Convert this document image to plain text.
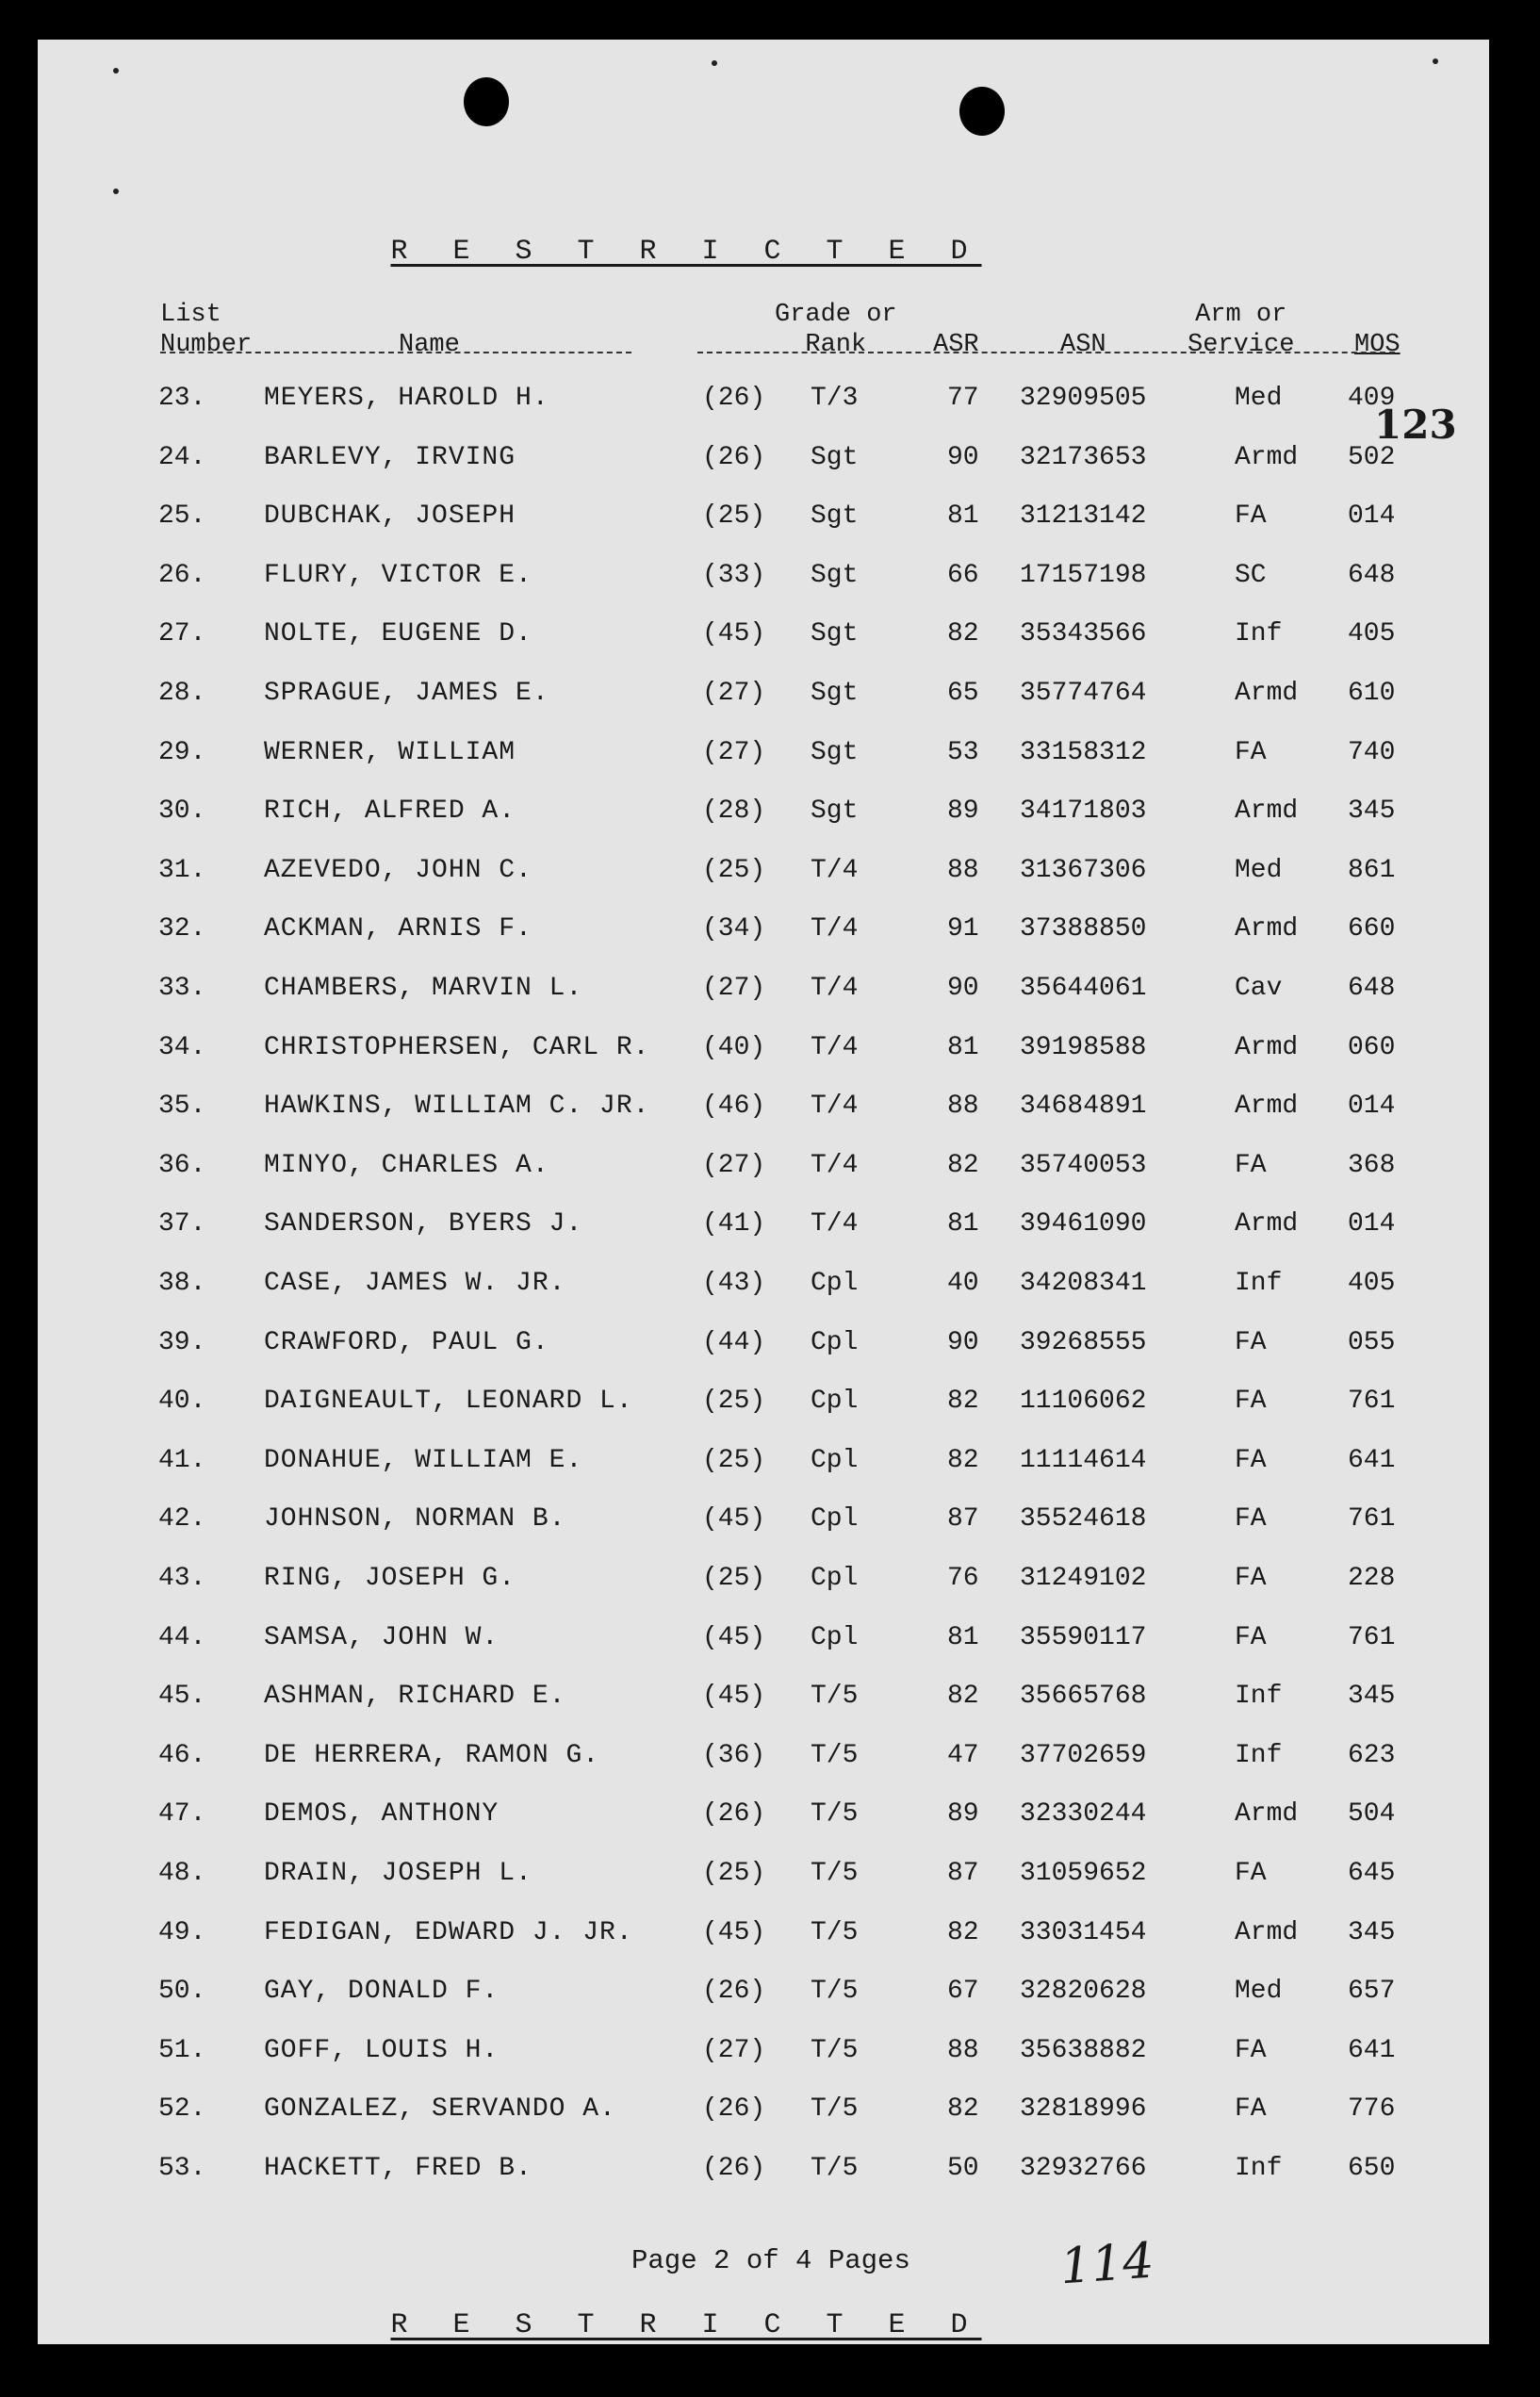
R E S T R I C T E D
List
Number	Name
Grade or
Rank	ASR	ASN
Arm or
Service MOS
123
23. MEYERS, HAROLD H.	(26) T/3	77 32909505	Med 409
24. BARLEVY, IRVING	(26) Sgt	90 32173653	Armd 502
25. DUBCHAK, JOSEPH	(25) Sgt	81 31213142	FA	014
26. FLURY, VICTOR E.	(33) Sgt	66 17157198	SC	648
27. NOLTE, EUGENE D.	(45) Sgt	82 35343566	Inf 405
28. SPRAGUE, JAMES E.	(27) Sgt	65 35774764	Armd 610
29. WERNER, WILLIAM	(27) Sgt	53 33158312	FA	740
30. RICH, ALFRED A.	(28) Sgt	89 34171803	Armd 345
31. AZEVEDO, JOHN C.	(25) T/4	88 31367306	Med 861
32. ACKMAN, ARNIS F.	(34) T/4	91 37388850	Armd 660
33. CHAMBERS, MARVIN L.	(27) T/4	90 35644061	Cav 648
34. CHRISTOPHERSEN, CARL R. (40) T/4	81 39198588	Armd 060
35. HAWKINS, WILLIAM C. JR. (46) T/4	88 34684891	Armd 014
36. MINYO, CHARLES A.	(27) T/4	82 35740053	FA	368
37. SANDERSON, BYERS J.	(41) T/4	81 39461090	Armd 014
38. CASE, JAMES W. JR.	(43) Cpl	40 34208341	Inf 405
39. CRAWFORD, PAUL G.	(44) Cpl	90 39268555	FA	055
40. DAIGNEAULT, LEONARD L.	(25) Cpl	82 11106062	FA	761
41. DONAHUE, WILLIAM E.	(25) Cpl	82 11114614	FA	641
42. JOHNSON, NORMAN B.	(45) Cpl	87 35524618	FA	761
43. RING, JOSEPH G.	(25) Cpl	76 31249102	FA	228
44. SAMSA, JOHN W.	(45) Cpl	81 35590117	FA	761
45. ASHMAN, RICHARD E.	(45) T/5	82 35665768	Inf 345
46. DE HERRERA, RAMON G.	(36) T/5	47 37702659	Inf 623
47. DEMOS, ANTHONY	(26) T/5	89 32330244	Armd 504
48. DRAIN, JOSEPH L.	(25) T/5	87 31059652	FA	645
49. FEDIGAN, EDWARD J. JR.	(45) T/5	82 33031454	Armd 345
50. GAY, DONALD F.	(26) T/5	67 32820628	Med 657
51. GOFF, LOUIS H.	(27) T/5	88 35638882	FA	641
52. GONZALEZ, SERVANDO A.	(26) T/5	82 32818996	FA	776
53. HACKETT, FRED B.	(26) T/5	50 32932766	Inf 650
Page 2 of 4 Pages	114
R E S T R I C T E D
